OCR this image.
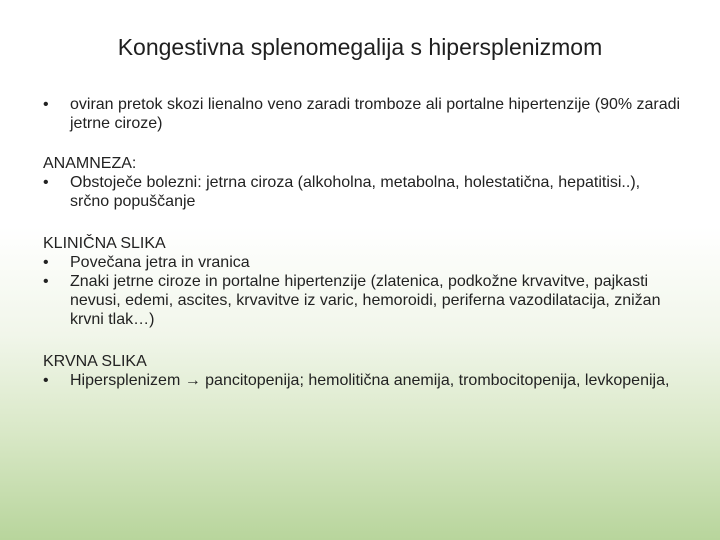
Kongestivna splenomegalija s hipersplenizmom
•	oviran pretok skozi lienalno veno zaradi tromboze ali portalne hipertenzije (90% zaradi jetrne ciroze)
ANAMNEZA:
•	Obstoječe bolezni: jetrna ciroza (alkoholna, metabolna, holestatična, hepatitisi..), srčno popuščanje
KLINIČNA SLIKA
•	Povečana jetra in vranica
•	Znaki jetrne ciroze in portalne hipertenzije (zlatenica, podkožne krvavitve, pajkasti nevusi, edemi, ascites, krvavitve iz varic, hemoroidi, periferna vazodilatacija, znižan krvni tlak…)
KRVNA SLIKA
•	Hipersplenizem → pancitopenija; hemolitična anemija, trombocitopenija, levkopenija,
